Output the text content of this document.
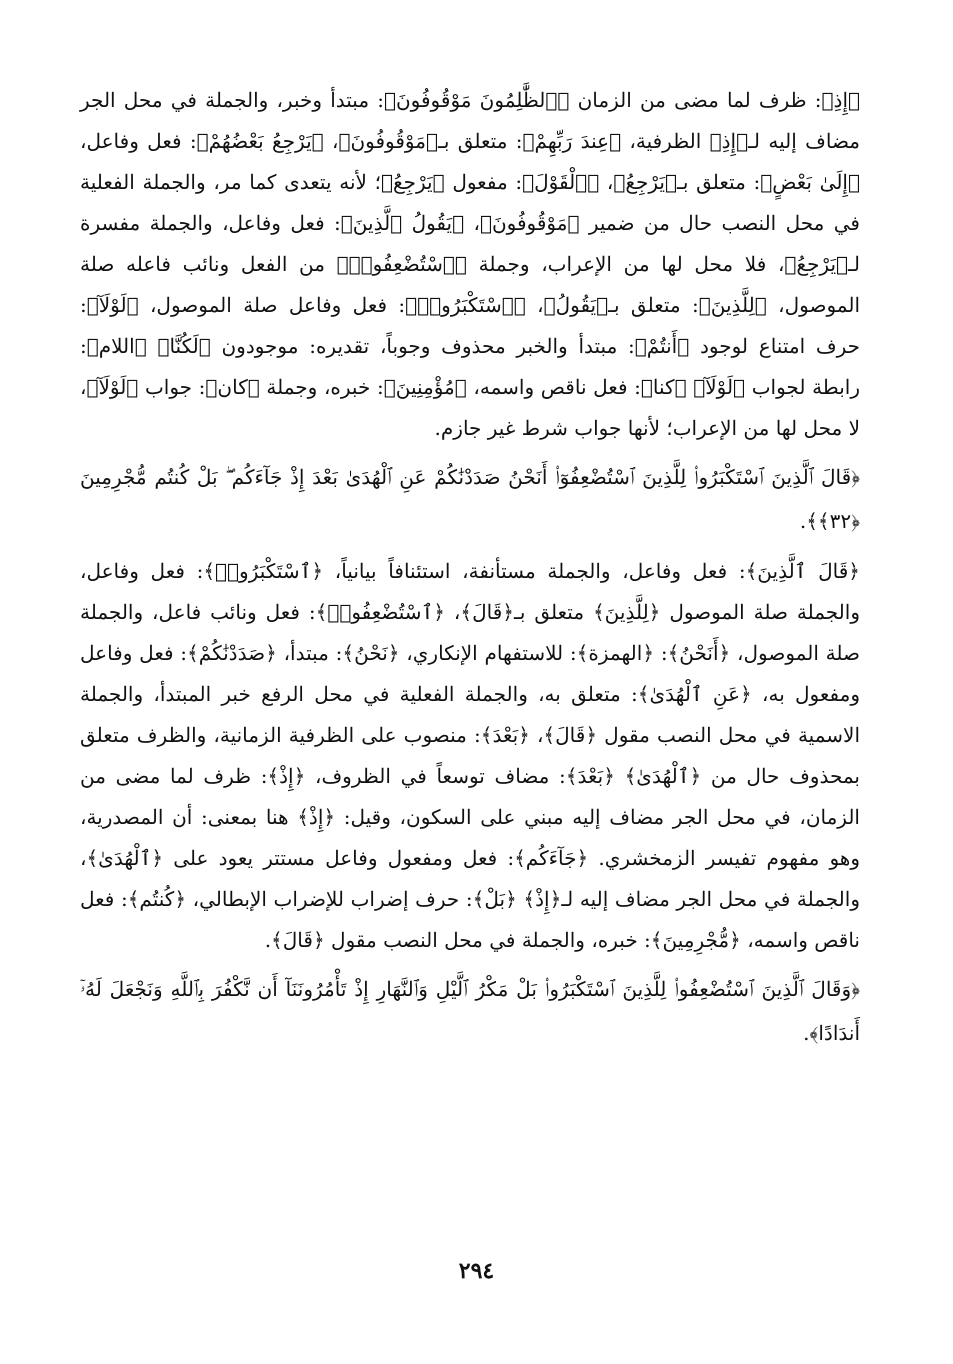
﴿إِذِ﴾: ظرف لما مضى من الزمان ﴿ٱلظَّٰلِمُونَ مَوْقُوفُونَ﴾: مبتدأ وخبر، والجملة في محل الجر مضاف إليه لـ﴿إِذِ﴾ الظرفية، ﴿عِندَ رَبِّهِمْ﴾: متعلق بـ﴿مَوْقُوفُونَ﴾، ﴿يَرْجِعُ بَعْضُهُمْ﴾: فعل وفاعل، ﴿إِلَىٰ بَعْضٍ﴾: متعلق بـ﴿يَرْجِعُ﴾، ﴿ٱلْقَوْلَ﴾: مفعول ﴿يَرْجِعُ﴾؛ لأنه يتعدى كما مر، والجملة الفعلية في محل النصب حال من ضمير ﴿مَوْقُوفُونَ﴾، ﴿يَقُولُ ٱلَّذِينَ﴾: فعل وفاعل، والجملة مفسرة لـ﴿يَرْجِعُ﴾، فلا محل لها من الإعراب، وجملة ﴿ٱسْتُضْعِفُوا۟﴾ من الفعل ونائب فاعله صلة الموصول، ﴿لِلَّذِينَ﴾: متعلق بـ﴿يَقُولُ﴾، ﴿ٱسْتَكْبَرُوا۟﴾: فعل وفاعل صلة الموصول، ﴿لَوْلَآ﴾: حرف امتناع لوجود ﴿أَنتُمْ﴾: مبتدأ والخبر محذوف وجوباً، تقديره: موجودون ﴿لَكُنَّا﴾ ﴿اللام﴾: رابطة لجواب ﴿لَوْلَآ﴾ ﴿كنا﴾: فعل ناقص واسمه، ﴿مُؤْمِنِينَ﴾: خبره، وجملة ﴿كان﴾: جواب ﴿لَوْلَآ﴾، لا محل لها من الإعراب؛ لأنها جواب شرط غير جازم.

﴿قَالَ ٱلَّذِينَ ٱسْتَكْبَرُوا۟ لِلَّذِينَ ٱسْتُضْعِفُوٓا۟ أَنَحْنُ صَدَدْنَٰكُمْ عَنِ ٱلْهُدَىٰ بَعْدَ إِذْ جَآءَكُم ۖ بَلْ كُنتُم مُّجْرِمِينَ ﴿٣٢﴾﴾.

﴿قَالَ ٱلَّذِينَ﴾: فعل وفاعل، والجملة مستأنفة، استئنافاً بيانياً، ﴿ٱسْتَكْبَرُوا۟﴾: فعل وفاعل، والجملة صلة الموصول ﴿لِلَّذِينَ﴾ متعلق بـ﴿قَالَ﴾، ﴿ٱسْتُضْعِفُوا۟﴾: فعل ونائب فاعل، والجملة صلة الموصول، ﴿أَنَحْنُ﴾: ﴿الهمزة﴾: للاستفهام الإنكاري، ﴿نَحْنُ﴾: مبتدأ، ﴿صَدَدْنَٰكُمْ﴾: فعل وفاعل ومفعول به، ﴿عَنِ ٱلْهُدَىٰ﴾: متعلق به، والجملة الفعلية في محل الرفع خبر المبتدأ، والجملة الاسمية في محل النصب مقول ﴿قَالَ﴾، ﴿بَعْدَ﴾: منصوب على الظرفية الزمانية، والظرف متعلق بمحذوف حال من ﴿ٱلْهُدَىٰ﴾ ﴿بَعْدَ﴾: مضاف توسعاً في الظروف، ﴿إِذْ﴾: ظرف لما مضى من الزمان، في محل الجر مضاف إليه مبني على السكون، وقيل: ﴿إِذْ﴾ هنا بمعنى: أن المصدرية، وهو مفهوم تفيسر الزمخشري. ﴿جَآءَكُم﴾: فعل ومفعول وفاعل مستتر يعود على ﴿ٱلْهُدَىٰ﴾، والجملة في محل الجر مضاف إليه لـ﴿إِذْ﴾ ﴿بَلْ﴾: حرف إضراب للإضراب الإبطالي، ﴿كُنتُم﴾: فعل ناقص واسمه، ﴿مُّجْرِمِينَ﴾: خبره، والجملة في محل النصب مقول ﴿قَالَ﴾.

﴿وَقَالَ ٱلَّذِينَ ٱسْتُضْعِفُوا۟ لِلَّذِينَ ٱسْتَكْبَرُوا۟ بَلْ مَكْرُ ٱلَّيْلِ وَٱلنَّهَارِ إِذْ تَأْمُرُونَنَآ أَن نَّكْفُرَ بِٱللَّهِ وَنَجْعَلَ لَهُۥٓ أَندَادًا﴾.

٢٩٤
